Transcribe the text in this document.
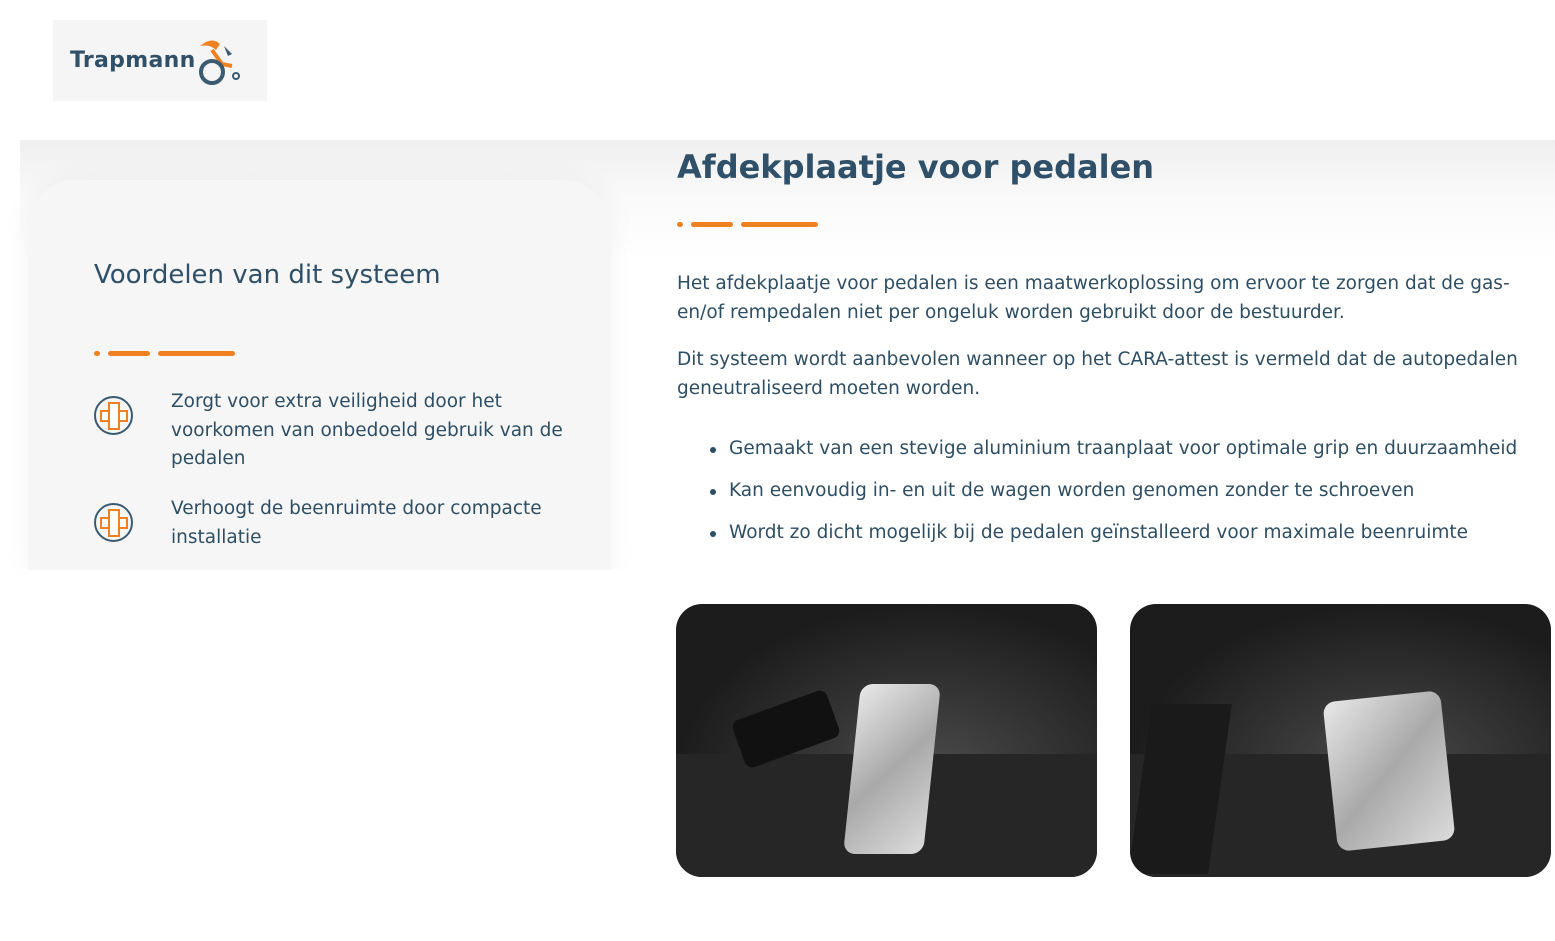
Trapmann
Voordelen van dit systeem
Zorgt voor extra veiligheid door het voorkomen van onbedoeld gebruik van de pedalen
Verhoogt de beenruimte door compacte installatie
Afdekplaatje voor pedalen

Het afdekplaatje voor pedalen is een maatwerkoplossing om ervoor te zorgen dat de gas- en/of rempedalen niet per ongeluk worden gebruikt door de bestuurder.

Dit systeem wordt aanbevolen wanneer op het CARA-attest is vermeld dat de autopedalen geneutraliseerd moeten worden.

Gemaakt van een stevige aluminium traanplaat voor optimale grip en duurzaamheid
Kan eenvoudig in- en uit de wagen worden genomen zonder te schroeven
Wordt zo dicht mogelijk bij de pedalen geïnstalleerd voor maximale beenruimte
